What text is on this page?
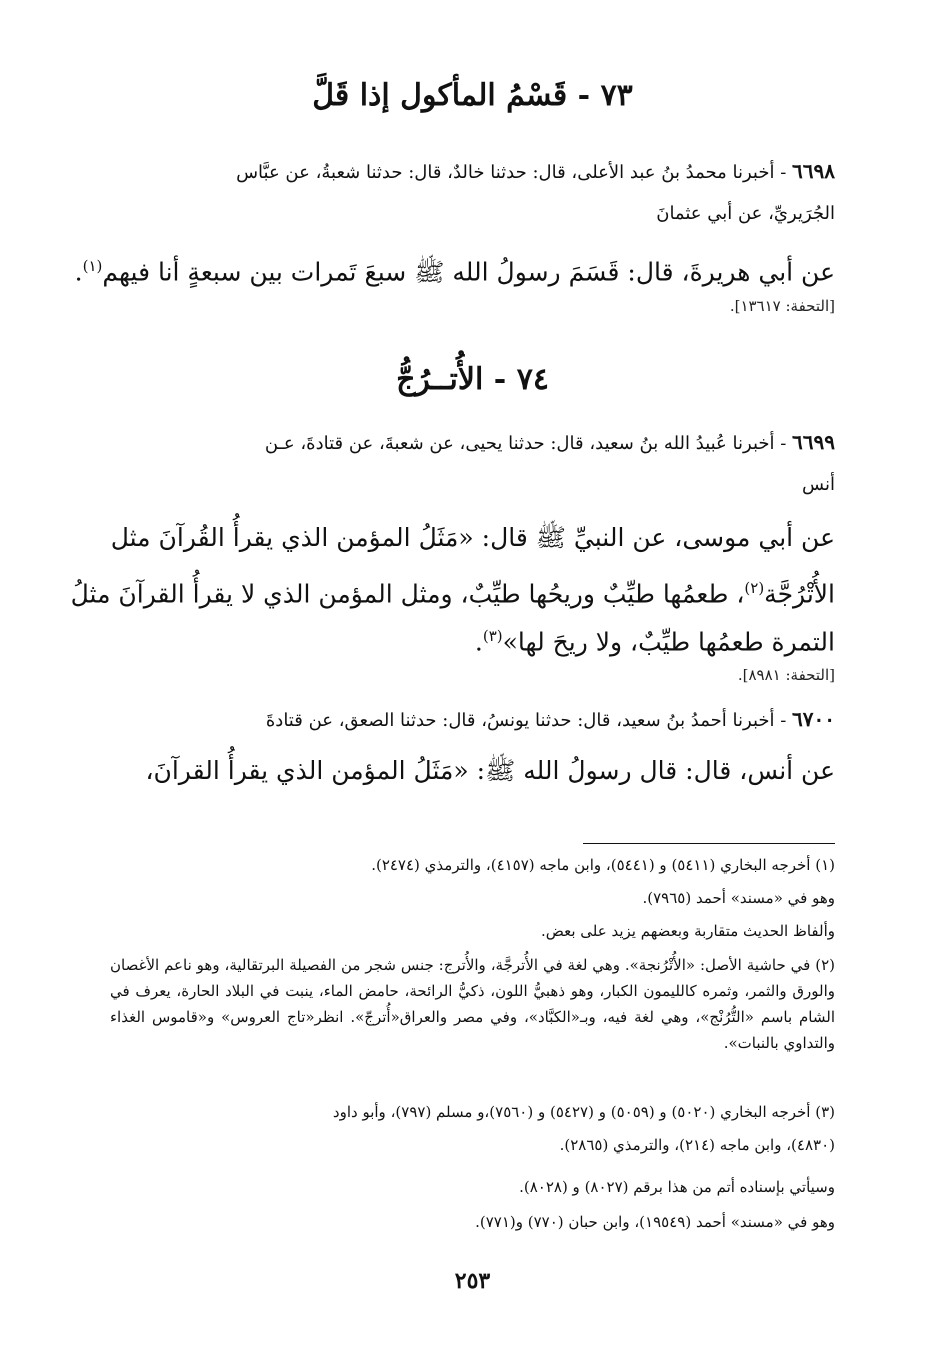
٧٣ - قَسْمُ المأكول إذا قَلَّ
٦٦٩٨ - أخبرنا محمدُ بنُ عبد الأعلى، قال: حدثنا خالدٌ، قال: حدثنا شعبةُ، عن عبَّاس
الجُرَيريِّ، عن أبي عثمانَ
عن أبي هريرةَ، قال: قَسَمَ رسولُ الله ﷺ سبعَ تَمرات بين سبعةٍ أنا فيهم$^{(١)}$.
[التحفة: ١٣٦١٧].
٧٤ - الأُتــرُجُّ
٦٦٩٩ - أخبرنا عُبيدُ الله بنُ سعيد، قال: حدثنا يحيى، عن شعبةَ، عن قتادةَ، عـن
أنس
عن أبي موسى، عن النبيِّ ﷺ قال: «مَثَلُ المؤمن الذي يقرأُ القُرآنَ مثل
الأُتْرُجَّة$^{(٢)}$، طعمُها طيِّبٌ وريحُها طيِّبٌ، ومثل المؤمن الذي لا يقرأُ القرآنَ مثلُ
التمرة طعمُها طيِّبٌ، ولا ريحَ لها»$^{(٣)}$.
[التحفة: ٨٩٨١].
٦٧٠٠ - أخبرنا أحمدُ بنُ سعيد، قال: حدثنا يونسُ، قال: حدثنا الصعق، عن قتادةَ
عن أنس، قال: قال رسولُ الله ﷺ: «مَثَلُ المؤمن الذي يقرأُ القرآنَ،
(١) أخرجه البخاري (٥٤١١) و (٥٤٤١)، وابن ماجه (٤١٥٧)، والترمذي (٢٤٧٤).
وهو في «مسند» أحمد (٧٩٦٥).
وألفاظ الحديث متقاربة وبعضهم يزيد على بعض.
(٢) في حاشية الأصل: «الأُتْرُنجة». وهي لغة في الأُترجَّة، والأُترج: جنس شجر من الفصيلة البرتقالية، وهو ناعم الأغصان والورق والثمر، وثمره كالليمون الكبار، وهو ذهبيُّ اللون، ذكيُّ الرائحة، حامض الماء، ينبت في البلاد الحارة، يعرف في الشام باسم «التُّرُنْج»، وهي لغة فيه، وبـ«الكبَّاد»، وفي مصر والعراق«أُترجّ». انظر«تاج العروس» و«قاموس الغذاء والتداوي بالنبات».
(٣) أخرجه البخاري (٥٠٢٠) و (٥٠٥٩) و (٥٤٢٧) و (٧٥٦٠)،و مسلم (٧٩٧)، وأبو داود
(٤٨٣٠)، وابن ماجه (٢١٤)، والترمذي (٢٨٦٥).
وسيأتي بإسناده أتم من هذا برقم (٨٠٢٧) و (٨٠٢٨).
وهو في «مسند» أحمد (١٩٥٤٩)، وابن حبان (٧٧٠) و(٧٧١).
٢٥٣
